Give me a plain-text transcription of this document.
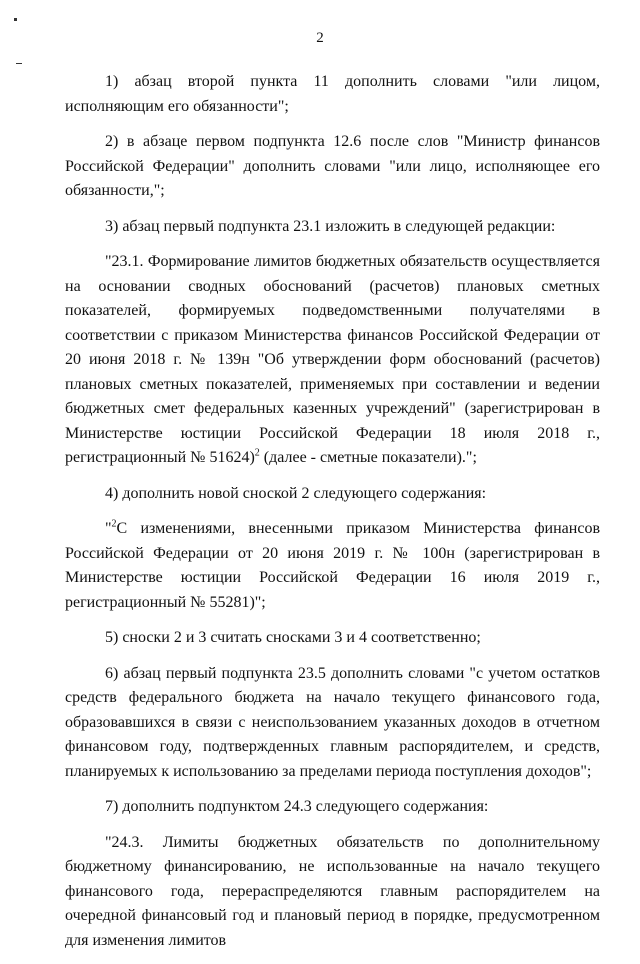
2

1) абзац второй пункта 11 дополнить словами "или лицом, исполняющим его обязанности";

2) в абзаце первом подпункта 12.6 после слов "Министр финансов Российской Федерации" дополнить словами "или лицо, исполняющее его обязанности,";

3) абзац первый подпункта 23.1 изложить в следующей редакции:

"23.1. Формирование лимитов бюджетных обязательств осуществляется на основании сводных обоснований (расчетов) плановых сметных показателей, формируемых подведомственными получателями в соответствии с приказом Министерства финансов Российской Федерации от 20 июня 2018 г. № 139н "Об утверждении форм обоснований (расчетов) плановых сметных показателей, применяемых при составлении и ведении бюджетных смет федеральных казенных учреждений" (зарегистрирован в Министерстве юстиции Российской Федерации 18 июля 2018 г., регистрационный № 51624)$^2$ (далее - сметные показатели).";

4) дополнить новой сноской 2 следующего содержания:

"$^2$С изменениями, внесенными приказом Министерства финансов Российской Федерации от 20 июня 2019 г. № 100н (зарегистрирован в Министерстве юстиции Российской Федерации 16 июля 2019 г., регистрационный № 55281)";

5) сноски 2 и 3 считать сносками 3 и 4 соответственно;

6) абзац первый подпункта 23.5 дополнить словами "с учетом остатков средств федерального бюджета на начало текущего финансового года, образовавшихся в связи с неиспользованием указанных доходов в отчетном финансовом году, подтвержденных главным распорядителем, и средств, планируемых к использованию за пределами периода поступления доходов";

7) дополнить подпунктом 24.3 следующего содержания:

"24.3. Лимиты бюджетных обязательств по дополнительному бюджетному финансированию, не использованные на начало текущего финансового года, перераспределяются главным распорядителем на очередной финансовый год и плановый период в порядке, предусмотренном для изменения лимитов
